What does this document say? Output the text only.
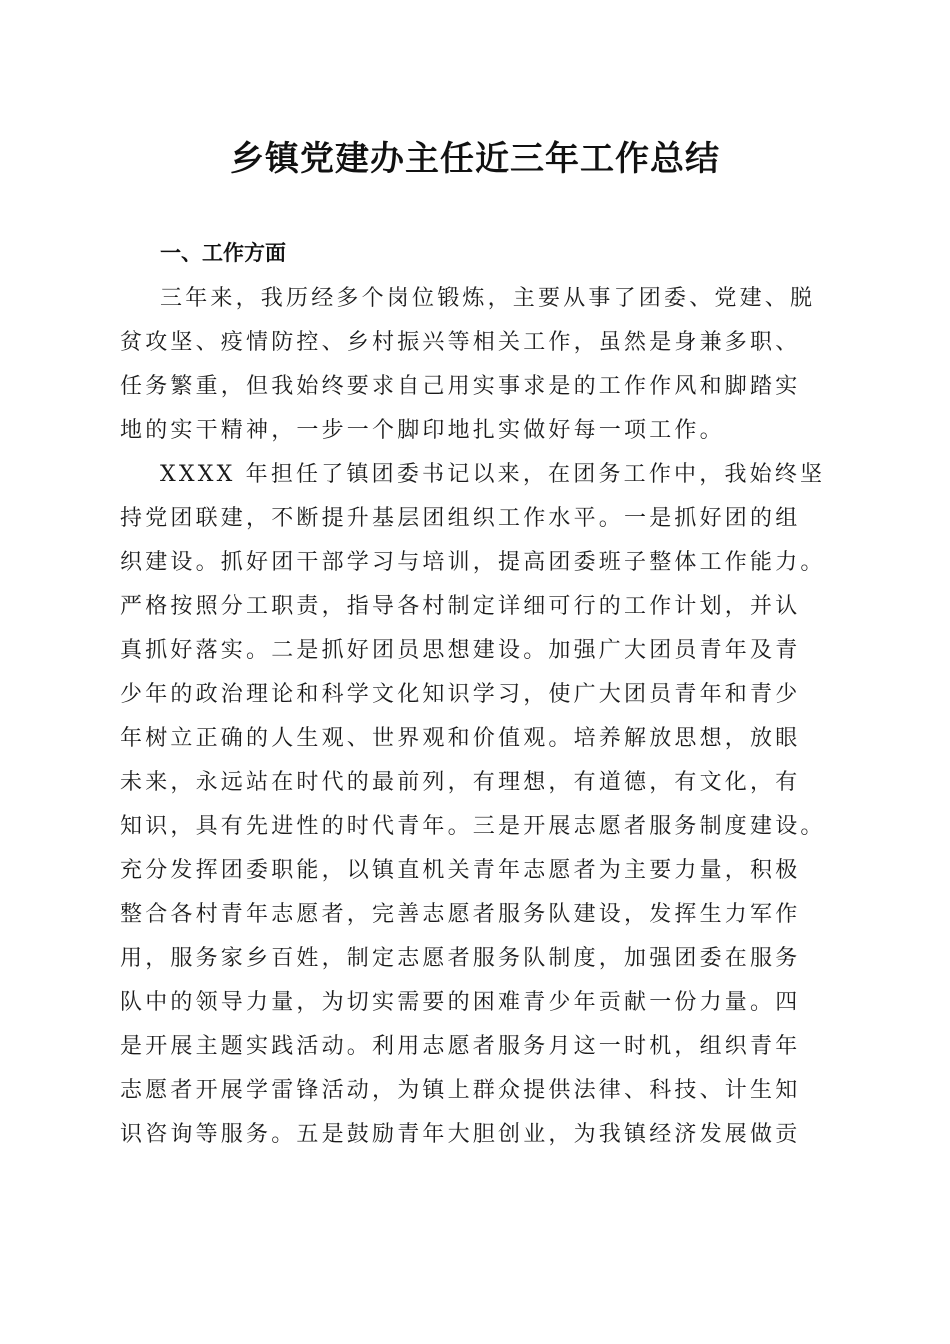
乡镇党建办主任近三年工作总结
一、工作方面
三年来，我历经多个岗位锻炼，主要从事了团委、党建、脱
贫攻坚、疫情防控、乡村振兴等相关工作，虽然是身兼多职、
任务繁重，但我始终要求自己用实事求是的工作作风和脚踏实
地的实干精神，一步一个脚印地扎实做好每一项工作。
XXXX 年担任了镇团委书记以来，在团务工作中，我始终坚
持党团联建，不断提升基层团组织工作水平。一是抓好团的组
织建设。抓好团干部学习与培训，提高团委班子整体工作能力。
严格按照分工职责，指导各村制定详细可行的工作计划，并认
真抓好落实。二是抓好团员思想建设。加强广大团员青年及青
少年的政治理论和科学文化知识学习，使广大团员青年和青少
年树立正确的人生观、世界观和价值观。培养解放思想，放眼
未来，永远站在时代的最前列，有理想，有道德，有文化，有
知识，具有先进性的时代青年。三是开展志愿者服务制度建设。
充分发挥团委职能，以镇直机关青年志愿者为主要力量，积极
整合各村青年志愿者，完善志愿者服务队建设，发挥生力军作
用，服务家乡百姓，制定志愿者服务队制度，加强团委在服务
队中的领导力量，为切实需要的困难青少年贡献一份力量。四
是开展主题实践活动。利用志愿者服务月这一时机，组织青年
志愿者开展学雷锋活动，为镇上群众提供法律、科技、计生知
识咨询等服务。五是鼓励青年大胆创业，为我镇经济发展做贡
